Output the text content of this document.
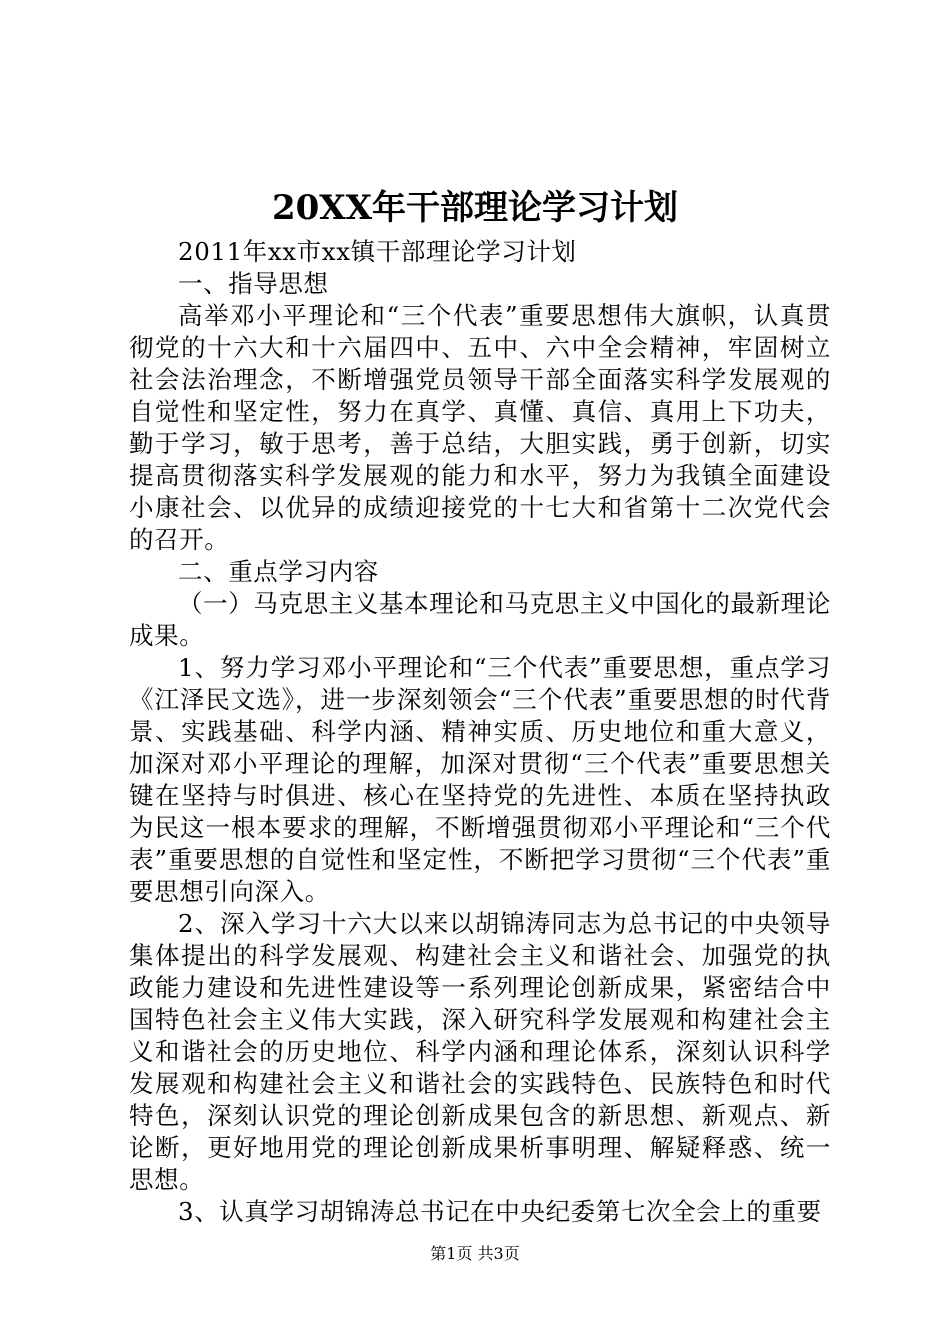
20XX年干部理论学习计划

2011年xx市xx镇干部理论学习计划

一、指导思想

高举邓小平理论和“三个代表”重要思想伟大旗帜，认真贯彻党的十六大和十六届四中、五中、六中全会精神，牢固树立社会法治理念，不断增强党员领导干部全面落实科学发展观的自觉性和坚定性，努力在真学、真懂、真信、真用上下功夫，勤于学习，敏于思考，善于总结，大胆实践，勇于创新，切实提高贯彻落实科学发展观的能力和水平，努力为我镇全面建设小康社会、以优异的成绩迎接党的十七大和省第十二次党代会的召开。

二、重点学习内容

（一）马克思主义基本理论和马克思主义中国化的最新理论成果。

1、努力学习邓小平理论和“三个代表”重要思想，重点学习《江泽民文选》，进一步深刻领会“三个代表”重要思想的时代背景、实践基础、科学内涵、精神实质、历史地位和重大意义，加深对邓小平理论的理解，加深对贯彻“三个代表”重要思想关键在坚持与时俱进、核心在坚持党的先进性、本质在坚持执政为民这一根本要求的理解，不断增强贯彻邓小平理论和“三个代表”重要思想的自觉性和坚定性，不断把学习贯彻“三个代表”重要思想引向深入。

2、深入学习十六大以来以胡锦涛同志为总书记的中央领导集体提出的科学发展观、构建社会主义和谐社会、加强党的执政能力建设和先进性建设等一系列理论创新成果，紧密结合中国特色社会主义伟大实践，深入研究科学发展观和构建社会主义和谐社会的历史地位、科学内涵和理论体系，深刻认识科学发展观和构建社会主义和谐社会的实践特色、民族特色和时代特色，深刻认识党的理论创新成果包含的新思想、新观点、新论断，更好地用党的理论创新成果析事明理、解疑释惑、统一思想。

3、认真学习胡锦涛总书记在中央纪委第七次全会上的重要

第1页 共3页
